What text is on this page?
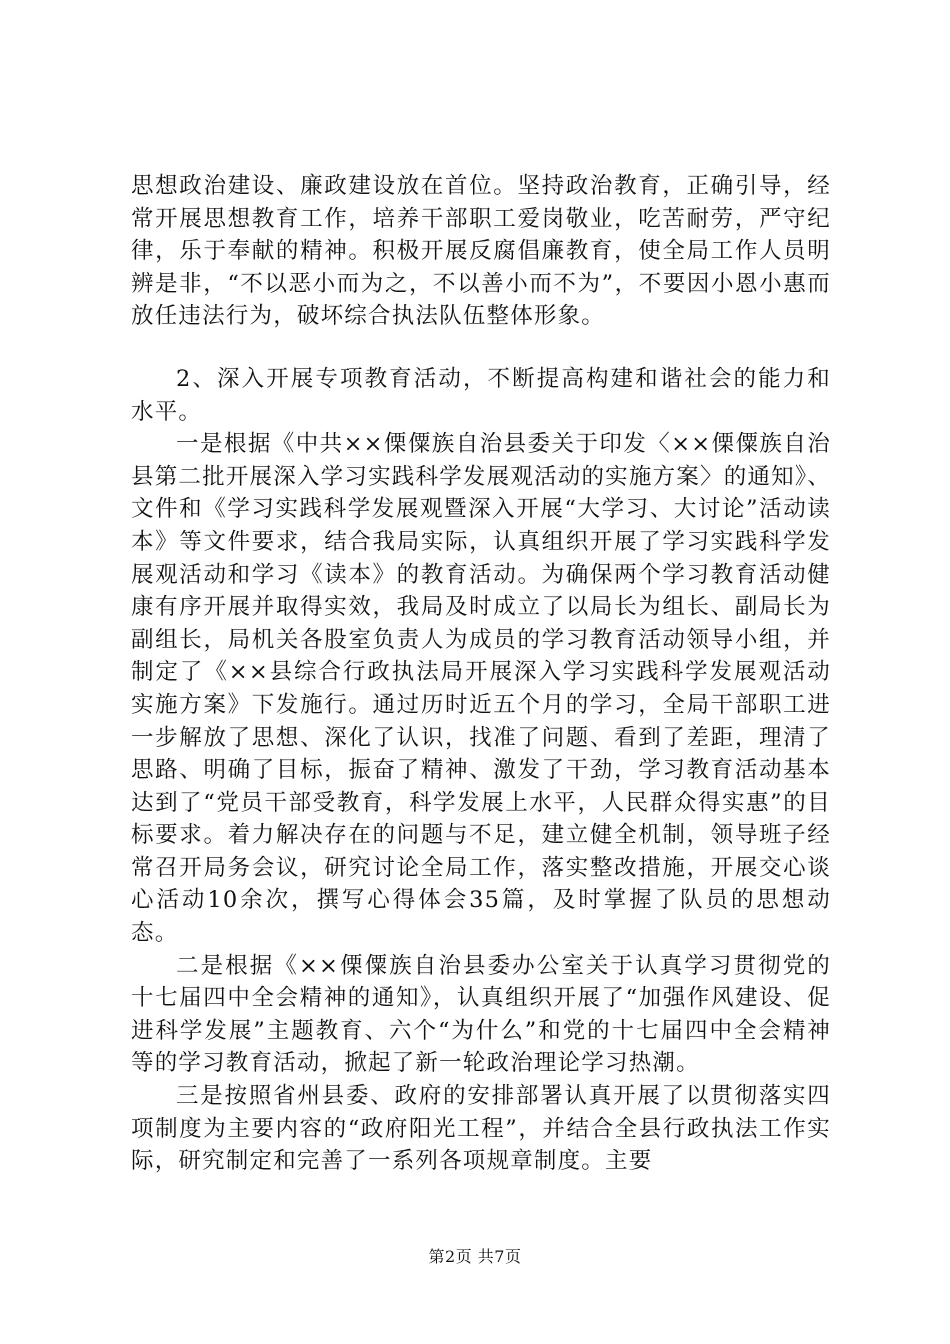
思想政治建设、廉政建设放在首位。坚持政治教育，正确引导，经常开展思想教育工作，培养干部职工爱岗敬业，吃苦耐劳，严守纪律，乐于奉献的精神。积极开展反腐倡廉教育，使全局工作人员明辨是非，“不以恶小而为之，不以善小而不为”，不要因小恩小惠而放任违法行为，破坏综合执法队伍整体形象。

2、深入开展专项教育活动，不断提高构建和谐社会的能力和水平。

一是根据《中共××傈僳族自治县委关于印发〈××傈僳族自治县第二批开展深入学习实践科学发展观活动的实施方案〉的通知》、文件和《学习实践科学发展观暨深入开展“大学习、大讨论”活动读本》等文件要求，结合我局实际，认真组织开展了学习实践科学发展观活动和学习《读本》的教育活动。为确保两个学习教育活动健康有序开展并取得实效，我局及时成立了以局长为组长、副局长为副组长，局机关各股室负责人为成员的学习教育活动领导小组，并制定了《××县综合行政执法局开展深入学习实践科学发展观活动实施方案》下发施行。通过历时近五个月的学习，全局干部职工进一步解放了思想、深化了认识，找准了问题、看到了差距，理清了思路、明确了目标，振奋了精神、激发了干劲，学习教育活动基本达到了“党员干部受教育，科学发展上水平，人民群众得实惠”的目标要求。着力解决存在的问题与不足，建立健全机制，领导班子经常召开局务会议，研究讨论全局工作，落实整改措施，开展交心谈心活动10余次，撰写心得体会35篇，及时掌握了队员的思想动态。

二是根据《××傈僳族自治县委办公室关于认真学习贯彻党的十七届四中全会精神的通知》，认真组织开展了“加强作风建设、促进科学发展”主题教育、六个“为什么”和党的十七届四中全会精神等的学习教育活动，掀起了新一轮政治理论学习热潮。

三是按照省州县委、政府的安排部署认真开展了以贯彻落实四项制度为主要内容的“政府阳光工程”，并结合全县行政执法工作实际，研究制定和完善了一系列各项规章制度。主要

第2页 共7页
